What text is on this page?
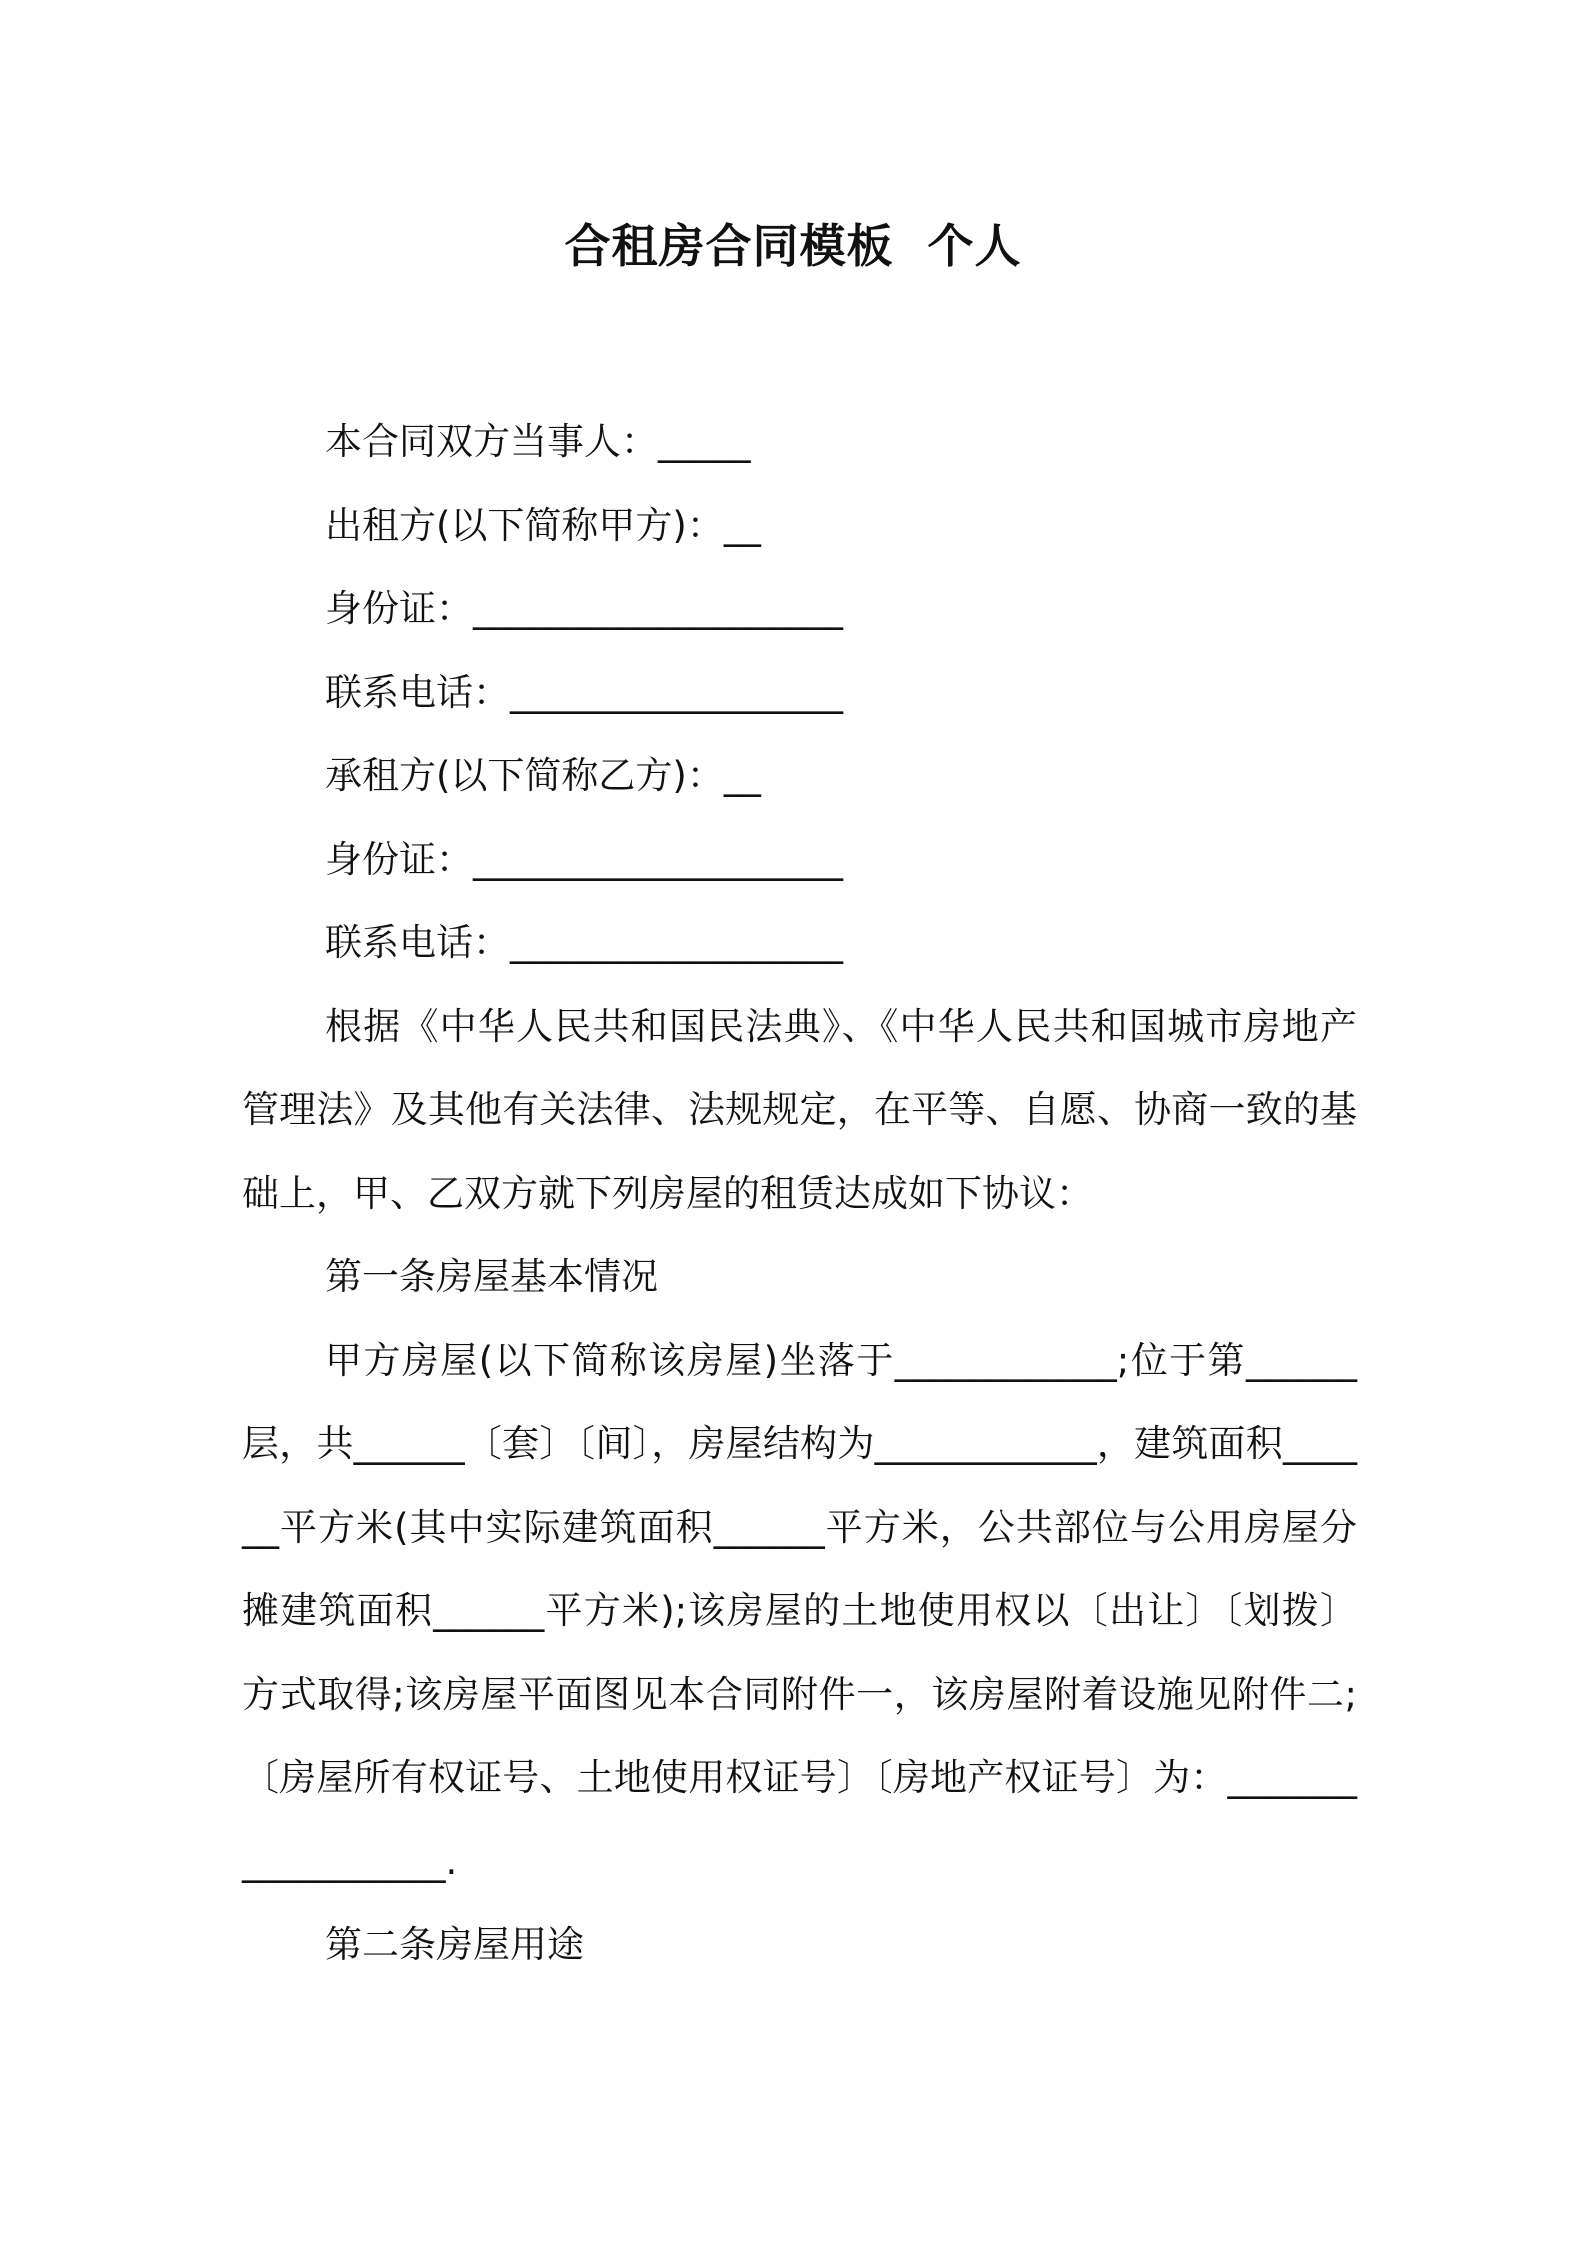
合租房合同模板  个人

本合同双方当事人：_____

出租方(以下简称甲方)：__

身份证：____________________

联系电话：__________________

承租方(以下简称乙方)：__

身份证：____________________

联系电话：__________________

根据《中华人民共和国民法典》、《中华人民共和国城市房地产管理法》及其他有关法律、法规规定，在平等、自愿、协商一致的基础上，甲、乙双方就下列房屋的租赁达成如下协议：

第一条房屋基本情况

甲方房屋(以下简称该房屋)坐落于____________;位于第______层，共______〔套〕〔间〕，房屋结构为____________，建筑面积______平方米(其中实际建筑面积______平方米，公共部位与公用房屋分摊建筑面积______平方米);该房屋的土地使用权以〔出让〕〔划拨〕方式取得;该房屋平面图见本合同附件一，该房屋附着设施见附件二;〔房屋所有权证号、土地使用权证号〕〔房地产权证号〕为：__________________.

第二条房屋用途
